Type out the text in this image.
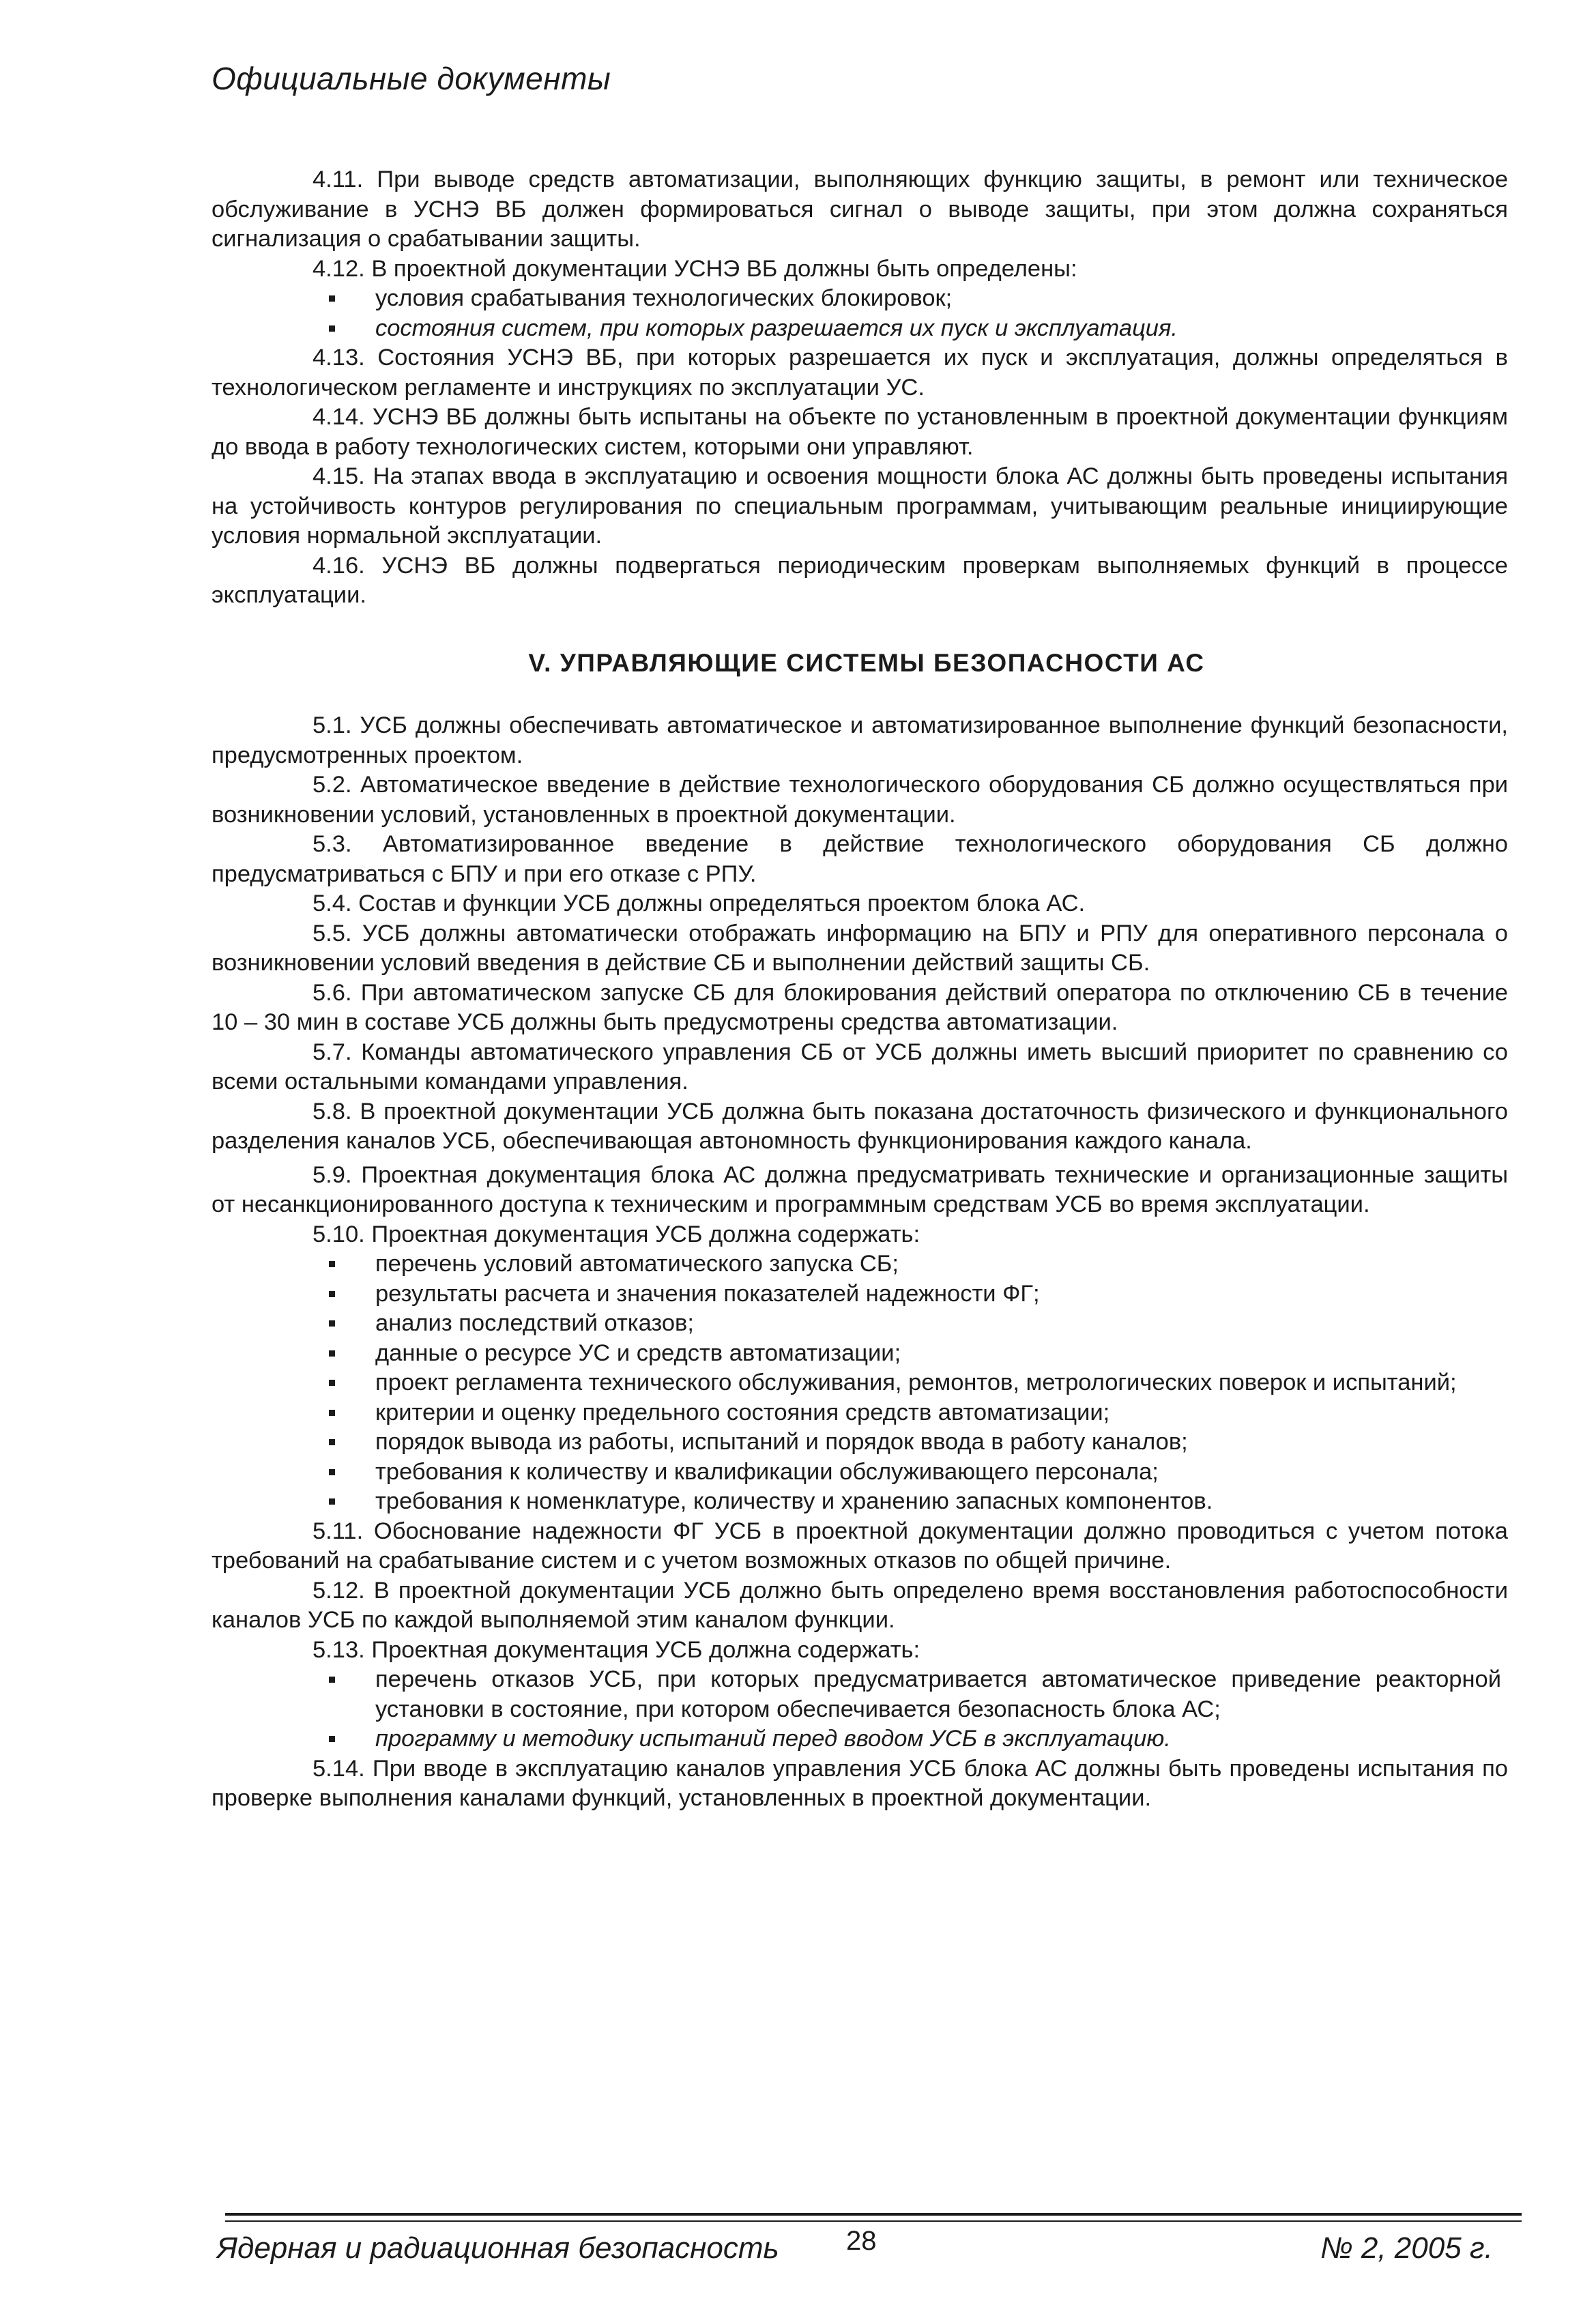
Официальные документы

4.11. При выводе средств автоматизации, выполняющих функцию защиты, в ремонт или техническое обслуживание в УСНЭ ВБ должен формироваться сигнал о выводе защиты, при этом должна сохраняться сигнализация о срабатывании защиты.

4.12. В проектной документации УСНЭ ВБ должны быть определены:

условия срабатывания технологических блокировок;
состояния систем, при которых разрешается их пуск и эксплуатация.

4.13. Состояния УСНЭ ВБ, при которых разрешается их пуск и эксплуатация, должны определяться в технологическом регламенте и инструкциях по эксплуатации УС.

4.14. УСНЭ ВБ должны быть испытаны на объекте по установленным в проектной документации функциям до ввода в работу технологических систем, которыми они управляют.

4.15. На этапах ввода в эксплуатацию и освоения мощности блока АС должны быть проведены испытания на устойчивость контуров регулирования по специальным программам, учитывающим реальные инициирующие условия нормальной эксплуатации.

4.16. УСНЭ ВБ должны подвергаться периодическим проверкам выполняемых функций в процессе эксплуатации.

V. УПРАВЛЯЮЩИЕ СИСТЕМЫ БЕЗОПАСНОСТИ АС

5.1. УСБ должны обеспечивать автоматическое и автоматизированное выполнение функций безопасности, предусмотренных проектом.

5.2. Автоматическое введение в действие технологического оборудования СБ должно осуществляться при возникновении условий, установленных в проектной документации.

5.3. Автоматизированное введение в действие технологического оборудования СБ должно предусматриваться с БПУ и при его отказе с РПУ.

5.4. Состав и функции УСБ должны определяться проектом блока АС.

5.5. УСБ должны автоматически отображать информацию на БПУ и РПУ для оперативного персонала о возникновении условий введения в действие СБ и выполнении действий защиты СБ.

5.6. При автоматическом запуске СБ для блокирования действий оператора по отключению СБ в течение 10 – 30 мин в составе УСБ должны быть предусмотрены средства автоматизации.

5.7. Команды автоматического управления СБ от УСБ должны иметь высший приоритет по сравнению со всеми остальными командами управления.

5.8. В проектной документации УСБ должна быть показана достаточность физического и функционального разделения каналов УСБ, обеспечивающая автономность функционирования каждого канала.

5.9. Проектная документация блока АС должна предусматривать технические и организационные защиты от несанкционированного доступа к техническим и программным средствам УСБ во время эксплуатации.

5.10. Проектная документация УСБ должна содержать:

перечень условий автоматического запуска СБ;
результаты расчета и значения показателей надежности ФГ;
анализ последствий отказов;
данные о ресурсе УС и средств автоматизации;
проект регламента технического обслуживания, ремонтов, метрологических поверок и испытаний;
критерии и оценку предельного состояния средств автоматизации;
порядок вывода из работы, испытаний и порядок ввода в работу каналов;
требования к количеству и квалификации обслуживающего персонала;
требования к номенклатуре, количеству и хранению запасных компонентов.

5.11. Обоснование надежности ФГ УСБ в проектной документации должно проводиться с учетом потока требований на срабатывание систем и с учетом возможных отказов по общей причине.

5.12. В проектной документации УСБ должно быть определено время восстановления работоспособности каналов УСБ по каждой выполняемой этим каналом функции.

5.13. Проектная документация УСБ должна содержать:

перечень отказов УСБ, при которых предусматривается автоматическое приведение реакторной установки в состояние, при котором обеспечивается безопасность блока АС;
программу и методику испытаний перед вводом УСБ в эксплуатацию.

5.14. При вводе в эксплуатацию каналов управления УСБ блока АС должны быть проведены испытания по проверке выполнения каналами функций, установленных в проектной документации.

Ядерная и радиационная безопасность 28	№ 2, 2005 г.
